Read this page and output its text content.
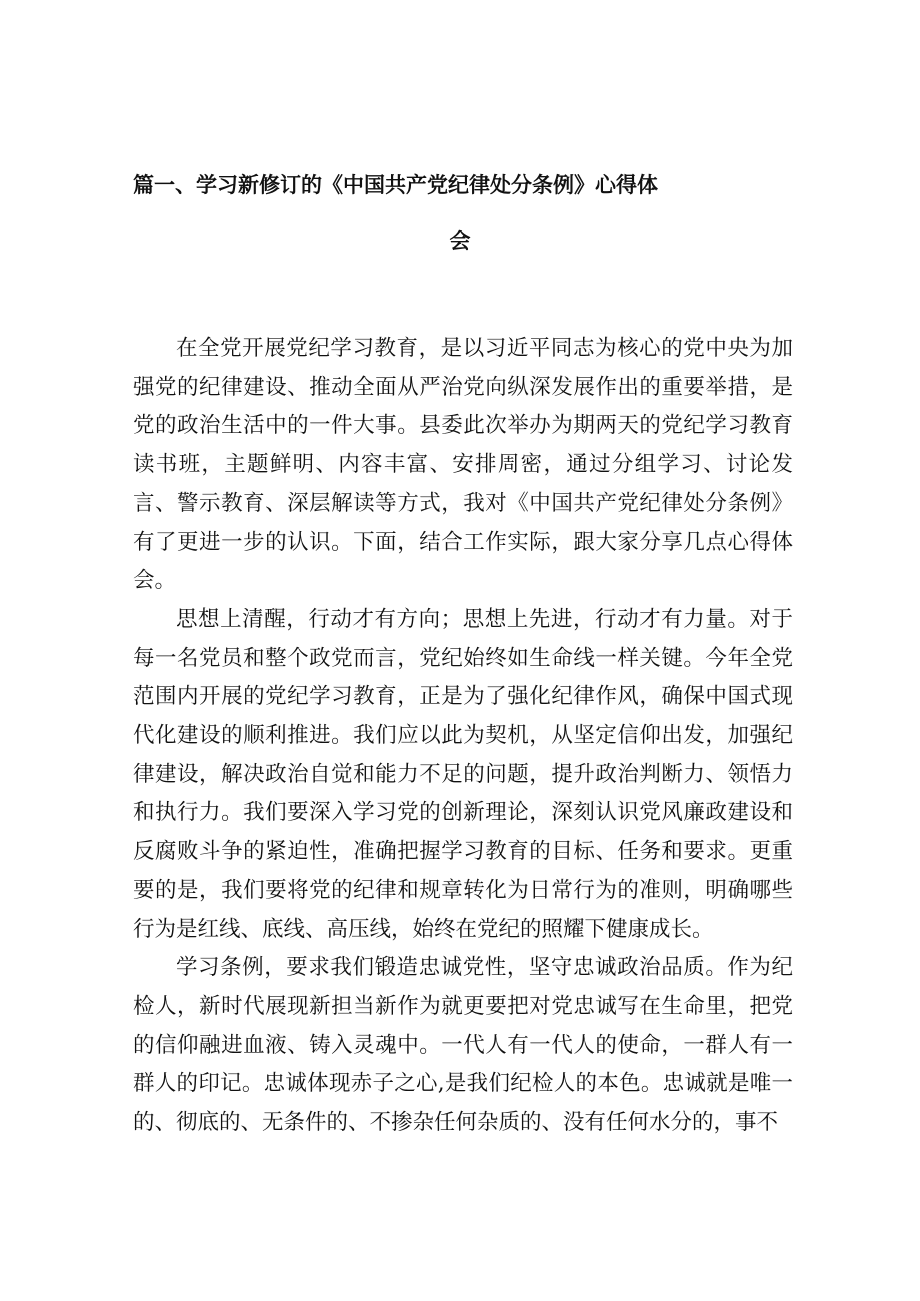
篇一、学习新修订的《中国共产党纪律处分条例》心得体
会

在全党开展党纪学习教育，是以习近平同志为核心的党中央为加强党的纪律建设、推动全面从严治党向纵深发展作出的重要举措，是党的政治生活中的一件大事。县委此次举办为期两天的党纪学习教育读书班，主题鲜明、内容丰富、安排周密，通过分组学习、讨论发言、警示教育、深层解读等方式，我对《中国共产党纪律处分条例》有了更进一步的认识。下面，结合工作实际，跟大家分享几点心得体会。

思想上清醒，行动才有方向；思想上先进，行动才有力量。对于每一名党员和整个政党而言，党纪始终如生命线一样关键。今年全党范围内开展的党纪学习教育，正是为了强化纪律作风，确保中国式现代化建设的顺利推进。我们应以此为契机，从坚定信仰出发，加强纪律建设，解决政治自觉和能力不足的问题，提升政治判断力、领悟力和执行力。我们要深入学习党的创新理论，深刻认识党风廉政建设和反腐败斗争的紧迫性，准确把握学习教育的目标、任务和要求。更重要的是，我们要将党的纪律和规章转化为日常行为的准则，明确哪些行为是红线、底线、高压线，始终在党纪的照耀下健康成长。

学习条例，要求我们锻造忠诚党性，坚守忠诚政治品质。作为纪检人，新时代展现新担当新作为就更要把对党忠诚写在生命里，把党的信仰融进血液、铸入灵魂中。一代人有一代人的使命，一群人有一群人的印记。忠诚体现赤子之心,是我们纪检人的本色。忠诚就是唯一的、彻底的、无条件的、不掺杂任何杂质的、没有任何水分的，事不
